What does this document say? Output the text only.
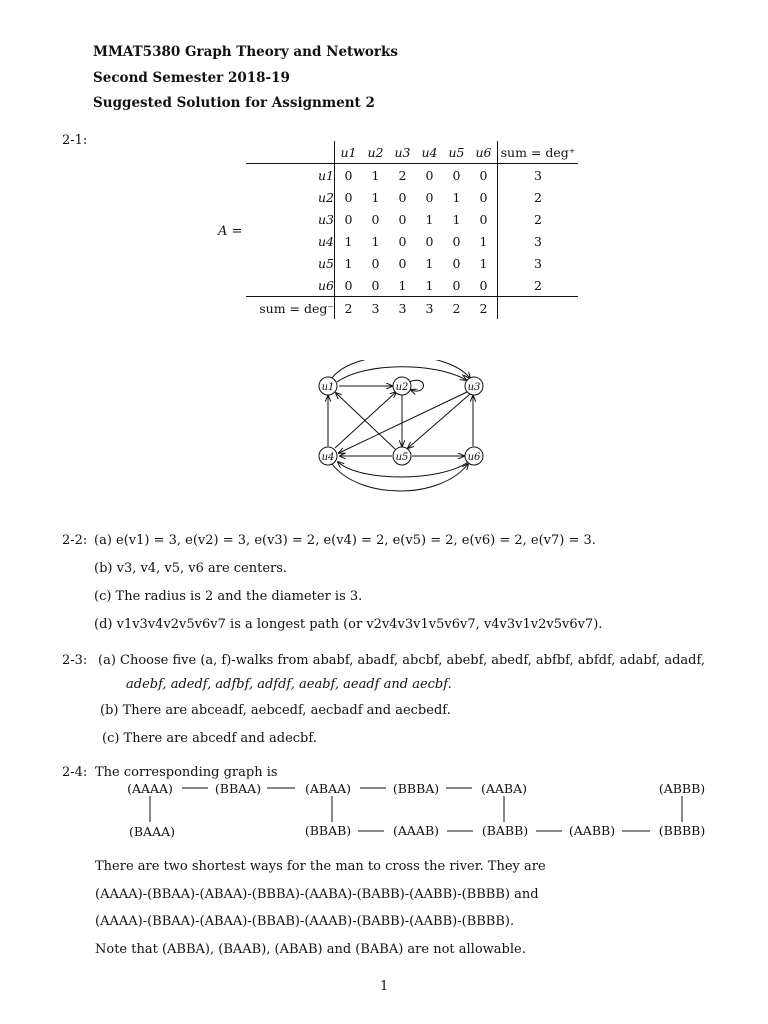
MMAT5380 Graph Theory and Networks
Second Semester 2018-19
Suggested Solution for Assignment 2
2-1:
A =
	u1	u2	u3	u4	u5	u6	sum = deg⁺
u1	0	1	2	0	0	0	3
u2	0	1	0	0	1	0	2
u3	0	0	0	1	1	0	2
u4	1	1	0	0	0	1	3
u5	1	0	0	1	0	1	3
u6	0	0	1	1	0	0	2
sum = deg⁻	2	3	3	3	2	2	
u1	u2	u3
u4	u5	u6
2-2: (a) e(v1) = 3, e(v2) = 3, e(v3) = 2, e(v4) = 2, e(v5) = 2, e(v6) = 2, e(v7) = 3.
(b) v3, v4, v5, v6 are centers.
(c) The radius is 2 and the diameter is 3.
(d) v1v3v4v2v5v6v7 is a longest path (or v2v4v3v1v5v6v7, v4v3v1v2v5v6v7).
2-3: (a) Choose five (a, f)-walks from ababf, abadf, abcbf, abebf, abedf, abfbf, abfdf, adabf, adadf,
adebf, adedf, adfbf, adfdf, aeabf, aeadf and aecbf.
(b) There are abceadf, aebcedf, aecbadf and aecbedf.
(c) There are abcedf and adecbf.
2-4: The corresponding graph is
(AAAA)	(BBAA)	(ABAA)	(BBBA)	(AABA)	(ABBB)
(BAAA)	(BBAB)	(AAAB)	(BABB)	(AABB)	(BBBB)
There are two shortest ways for the man to cross the river. They are
(AAAA)-(BBAA)-(ABAA)-(BBBA)-(AABA)-(BABB)-(AABB)-(BBBB) and
(AAAA)-(BBAA)-(ABAA)-(BBAB)-(AAAB)-(BABB)-(AABB)-(BBBB).
Note that (ABBA), (BAAB), (ABAB) and (BABA) are not allowable.
1
